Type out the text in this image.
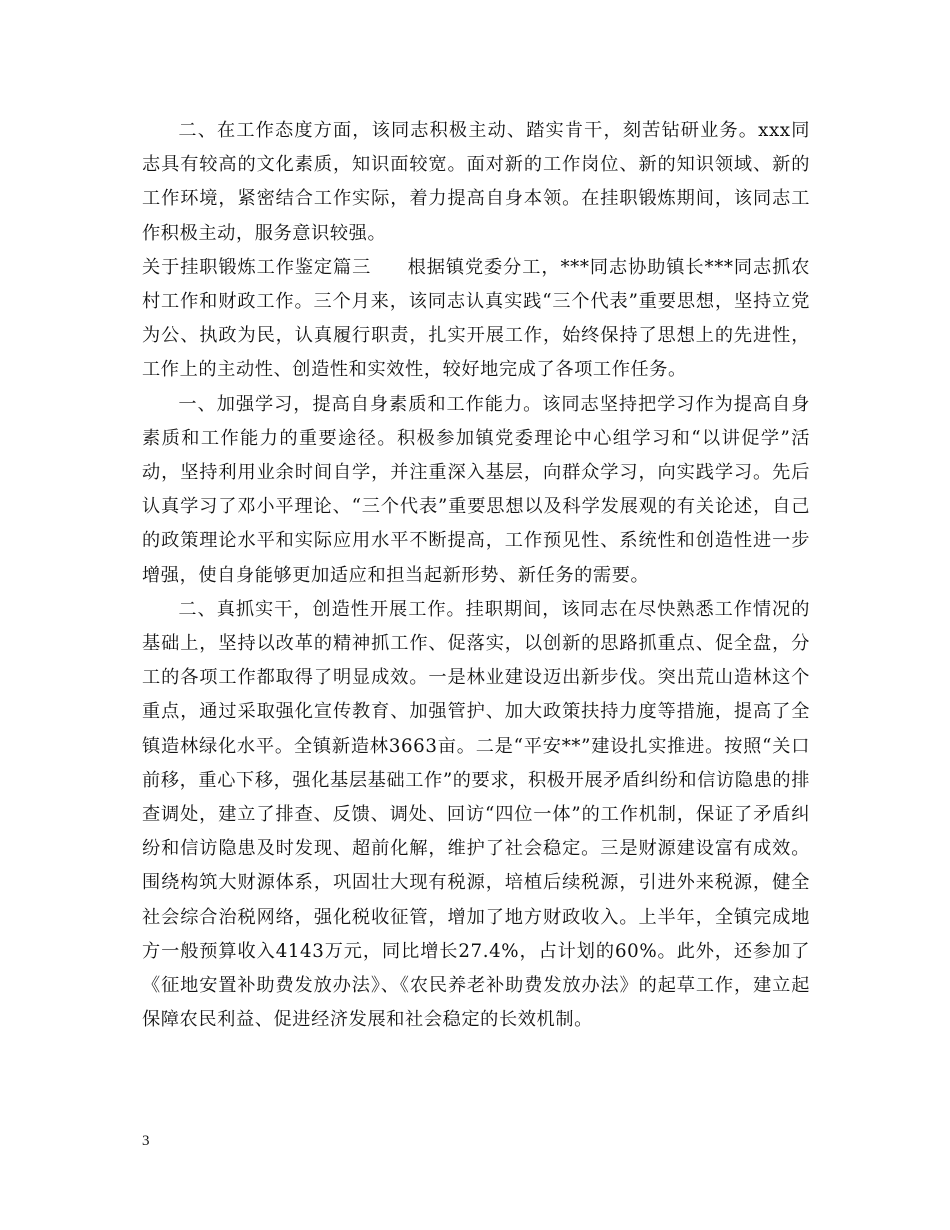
二、在工作态度方面，该同志积极主动、踏实肯干，刻苦钻研业务。xxx同志具有较高的文化素质，知识面较宽。面对新的工作岗位、新的知识领域、新的工作环境，紧密结合工作实际，着力提高自身本领。在挂职锻炼期间，该同志工作积极主动，服务意识较强。

关于挂职锻炼工作鉴定篇三 根据镇党委分工，***同志协助镇长***同志抓农村工作和财政工作。三个月来，该同志认真实践“三个代表”重要思想，坚持立党为公、执政为民，认真履行职责，扎实开展工作，始终保持了思想上的先进性，工作上的主动性、创造性和实效性，较好地完成了各项工作任务。

一、加强学习，提高自身素质和工作能力。该同志坚持把学习作为提高自身素质和工作能力的重要途径。积极参加镇党委理论中心组学习和“以讲促学”活动，坚持利用业余时间自学，并注重深入基层，向群众学习，向实践学习。先后认真学习了邓小平理论、“三个代表”重要思想以及科学发展观的有关论述，自己的政策理论水平和实际应用水平不断提高，工作预见性、系统性和创造性进一步增强，使自身能够更加适应和担当起新形势、新任务的需要。

二、真抓实干，创造性开展工作。挂职期间，该同志在尽快熟悉工作情况的基础上，坚持以改革的精神抓工作、促落实，以创新的思路抓重点、促全盘，分工的各项工作都取得了明显成效。一是林业建设迈出新步伐。突出荒山造林这个重点，通过采取强化宣传教育、加强管护、加大政策扶持力度等措施，提高了全镇造林绿化水平。全镇新造林3663亩。二是“平安**”建设扎实推进。按照“关口前移，重心下移，强化基层基础工作”的要求，积极开展矛盾纠纷和信访隐患的排查调处，建立了排查、反馈、调处、回访“四位一体”的工作机制，保证了矛盾纠纷和信访隐患及时发现、超前化解，维护了社会稳定。三是财源建设富有成效。围绕构筑大财源体系，巩固壮大现有税源，培植后续税源，引进外来税源，健全社会综合治税网络，强化税收征管，增加了地方财政收入。上半年，全镇完成地方一般预算收入4143万元，同比增长27.4%，占计划的60%。此外，还参加了《征地安置补助费发放办法》、《农民养老补助费发放办法》的起草工作，建立起保障农民利益、促进经济发展和社会稳定的长效机制。

3
